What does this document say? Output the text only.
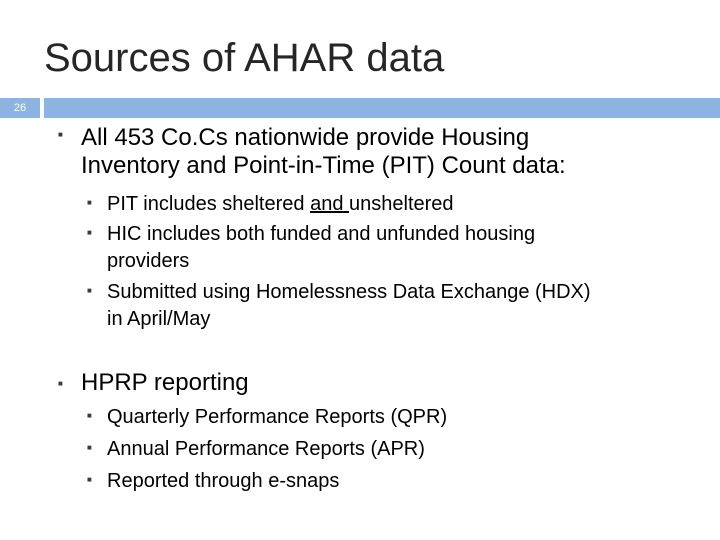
Sources of AHAR data
26
■ All 453 Co.Cs nationwide provide Housing
Inventory and Point-in-Time (PIT) Count data:
■ PIT includes sheltered and unsheltered
■ HIC includes both funded and unfunded housing
providers
■ Submitted using Homelessness Data Exchange (HDX)
in April/May
■ HPRP reporting
■ Quarterly Performance Reports (QPR)
■ Annual Performance Reports (APR)
■ Reported through e-snaps
